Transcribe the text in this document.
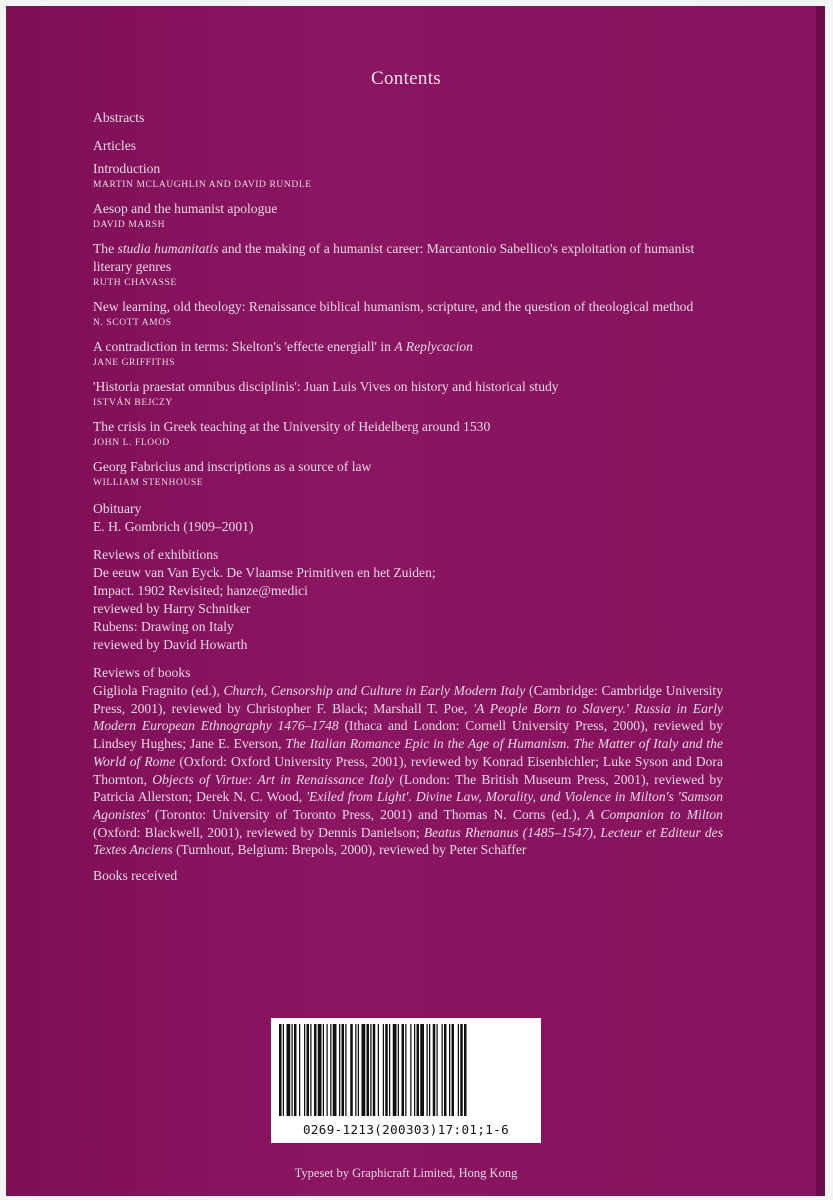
Contents
Abstracts
Articles
Introduction
MARTIN MCLAUGHLIN AND DAVID RUNDLE
Aesop and the humanist apologue
DAVID MARSH
The studia humanitatis and the making of a humanist career: Marcantonio Sabellico's exploitation of humanist literary genres
RUTH CHAVASSE
New learning, old theology: Renaissance biblical humanism, scripture, and the question of theological method
N. SCOTT AMOS
A contradiction in terms: Skelton's 'effecte energiall' in A Replycacion
JANE GRIFFITHS
'Historia praestat omnibus disciplinis': Juan Luis Vives on history and historical study
ISTVÁN BEJCZY
The crisis in Greek teaching at the University of Heidelberg around 1530
JOHN L. FLOOD
Georg Fabricius and inscriptions as a source of law
WILLIAM STENHOUSE
Obituary
E. H. Gombrich (1909–2001)
Reviews of exhibitions
De eeuw van Van Eyck. De Vlaamse Primitiven en het Zuiden;
Impact. 1902 Revisited; hanze@medici
reviewed by Harry Schnitker
Rubens: Drawing on Italy
reviewed by David Howarth
Reviews of books
Gigliola Fragnito (ed.), Church, Censorship and Culture in Early Modern Italy (Cambridge: Cambridge University Press, 2001), reviewed by Christopher F. Black; Marshall T. Poe, 'A People Born to Slavery.' Russia in Early Modern European Ethnography 1476–1748 (Ithaca and London: Cornell University Press, 2000), reviewed by Lindsey Hughes; Jane E. Everson, The Italian Romance Epic in the Age of Humanism. The Matter of Italy and the World of Rome (Oxford: Oxford University Press, 2001), reviewed by Konrad Eisenbichler; Luke Syson and Dora Thornton, Objects of Virtue: Art in Renaissance Italy (London: The British Museum Press, 2001), reviewed by Patricia Allerston; Derek N. C. Wood, 'Exiled from Light'. Divine Law, Morality, and Violence in Milton's 'Samson Agonistes' (Toronto: University of Toronto Press, 2001) and Thomas N. Corns (ed.), A Companion to Milton (Oxford: Blackwell, 2001), reviewed by Dennis Danielson; Beatus Rhenanus (1485–1547), Lecteur et Editeur des Textes Anciens (Turnhout, Belgium: Brepols, 2000), reviewed by Peter Schäffer
Books received
0269-1213(200303)17:01;1-6
Typeset by Graphicraft Limited, Hong Kong
